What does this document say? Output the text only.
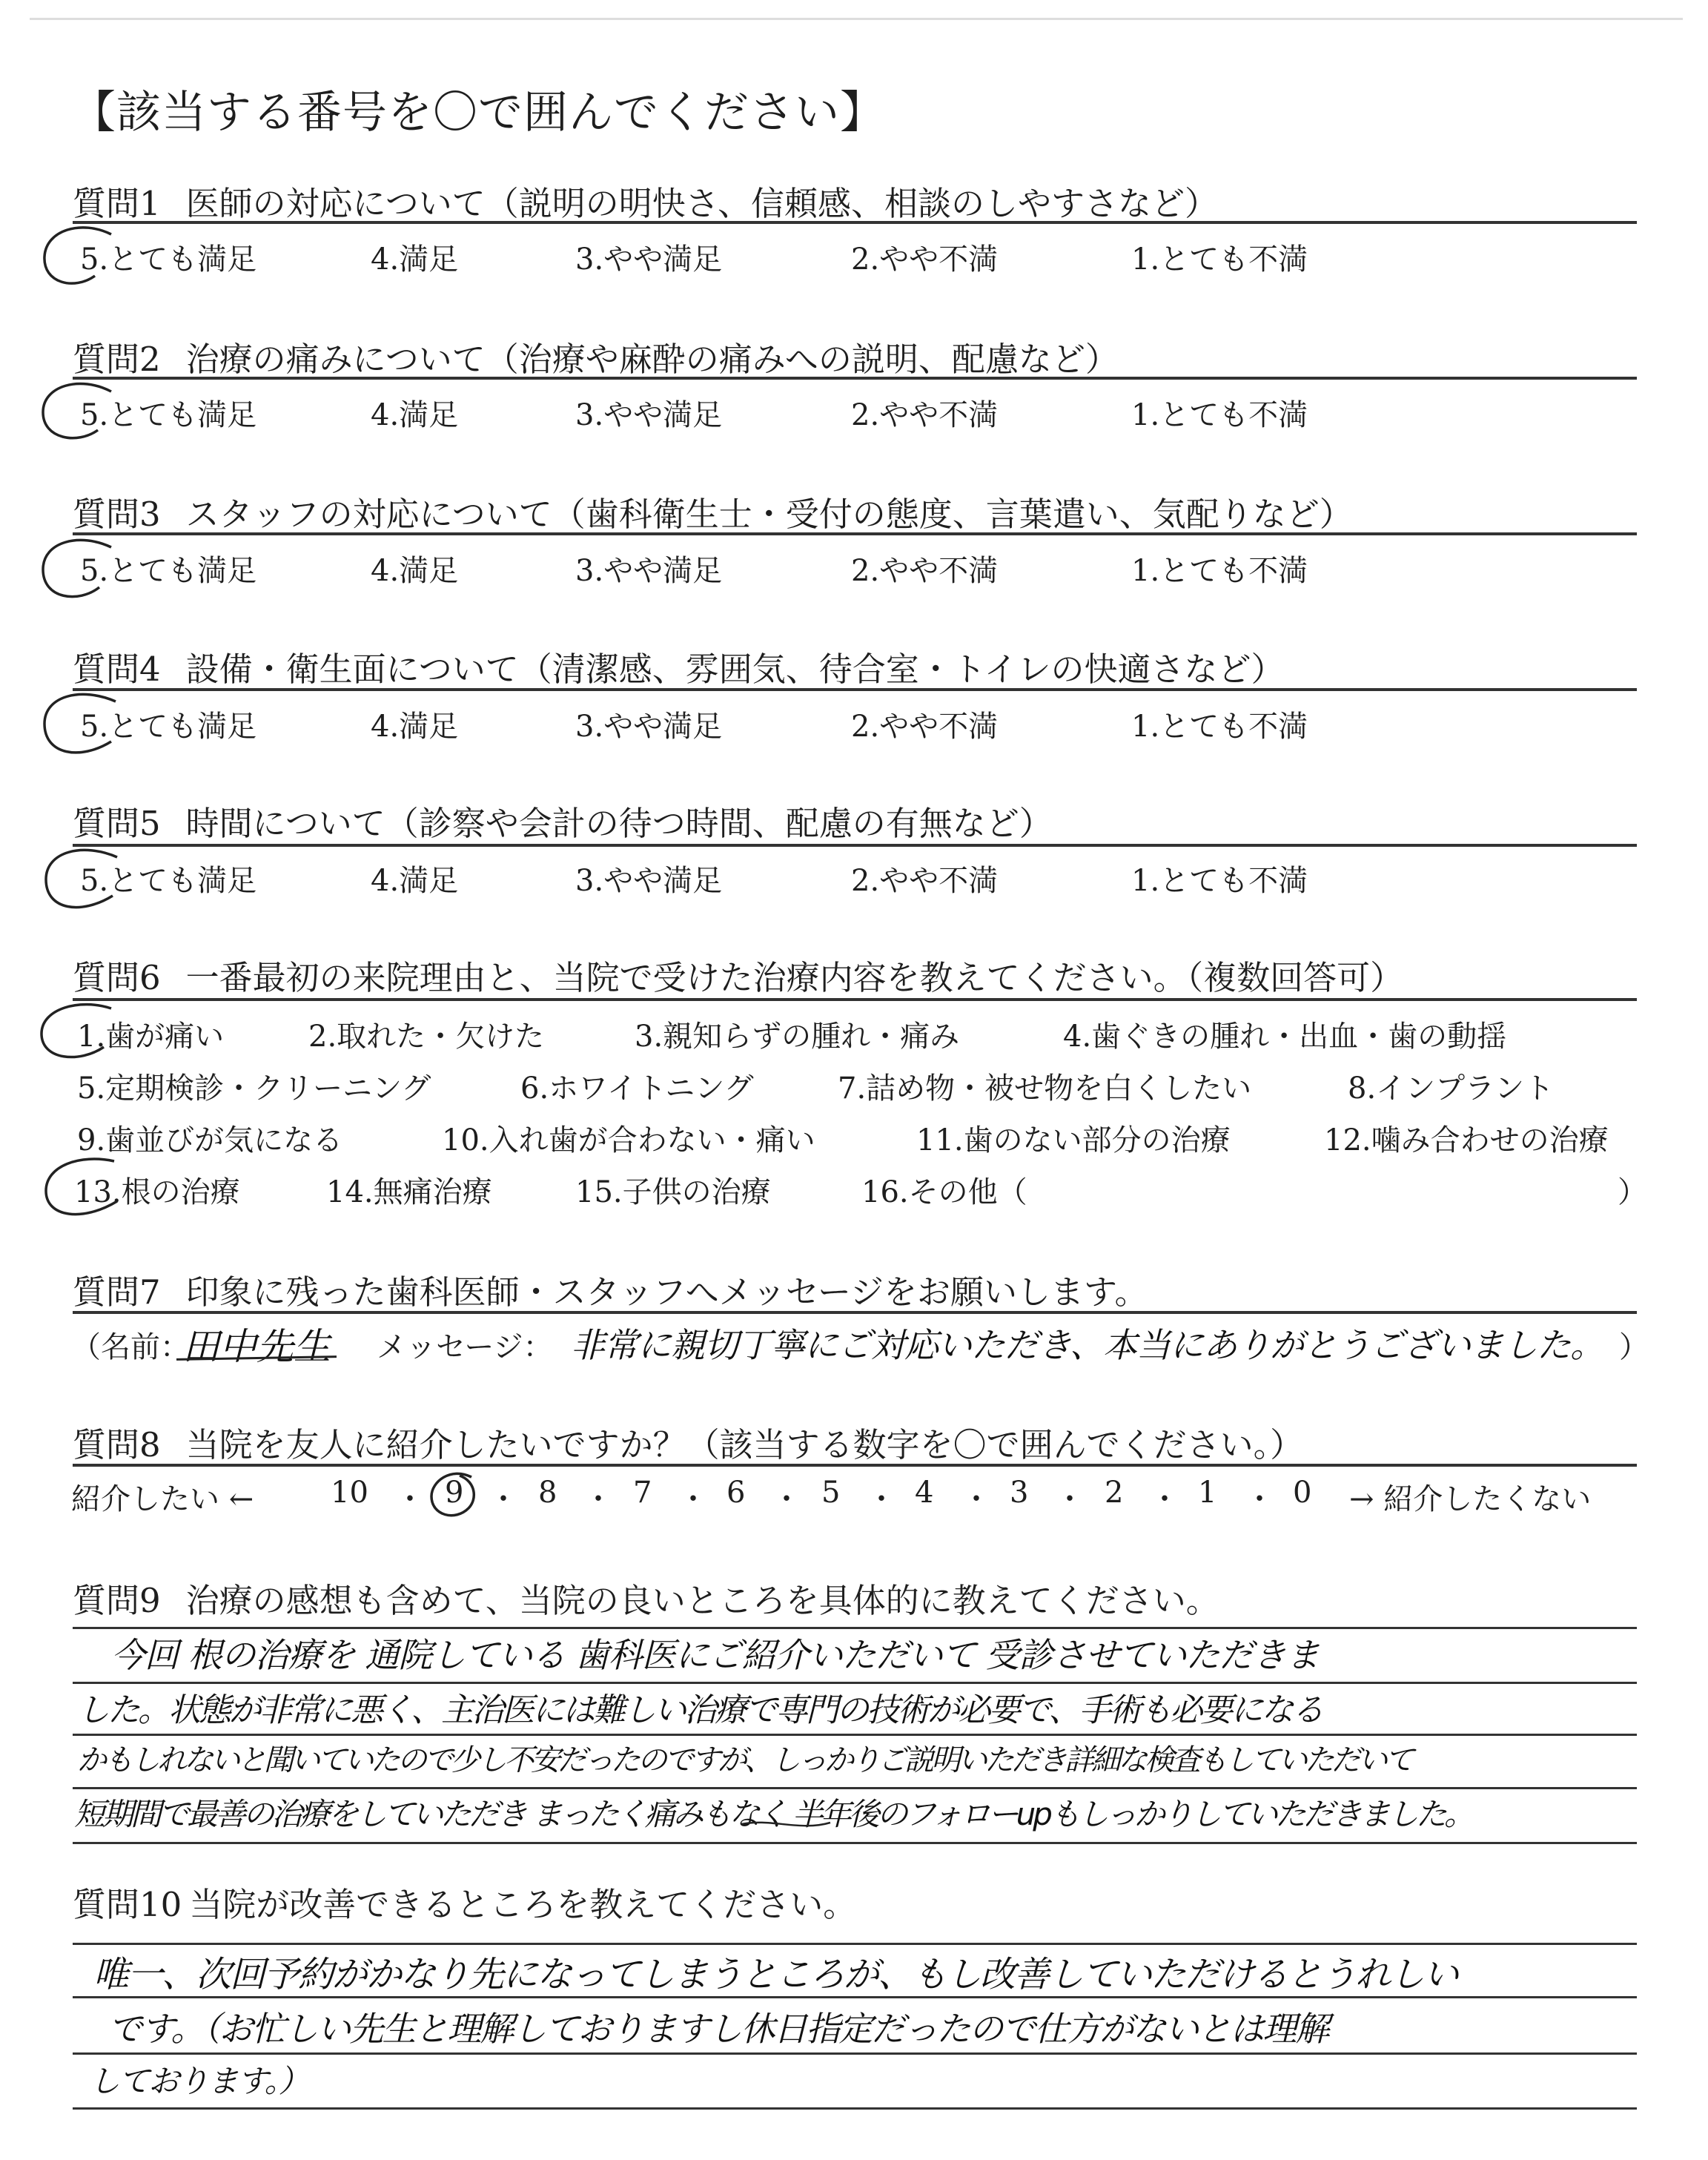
【該当する番号を〇で囲んでください】
質問1 医師の対応について（説明の明快さ、信頼感、相談のしやすさなど）
5.とても満足	4.満足	3.やや満足	2.やや不満	1.とても不満
質問2 治療の痛みについて（治療や麻酔の痛みへの説明、配慮など）
5.とても満足	4.満足	3.やや満足	2.やや不満	1.とても不満
質問3 スタッフの対応について（歯科衛生士・受付の態度、言葉遣い、気配りなど）
5.とても満足	4.満足	3.やや満足	2.やや不満	1.とても不満
質問4 設備・衛生面について（清潔感、雰囲気、待合室・トイレの快適さなど）
5.とても満足	4.満足	3.やや満足	2.やや不満	1.とても不満
質問5 時間について（診察や会計の待つ時間、配慮の有無など）
5.とても満足	4.満足	3.やや満足	2.やや不満	1.とても不満
質問6 一番最初の来院理由と、当院で受けた治療内容を教えてください。（複数回答可）
1.歯が痛い	2.取れた・欠けた	3.親知らずの腫れ・痛み	4.歯ぐきの腫れ・出血・歯の動揺
5.定期検診・クリーニング	6.ホワイトニング	7.詰め物・被せ物を白くしたい	8.インプラント
9.歯並びが気になる	10.入れ歯が合わない・痛い	11.歯のない部分の治療	12.噛み合わせの治療
13.根の治療	14.無痛治療	15.子供の治療	16.その他（	）
質問7 印象に残った歯科医師・スタッフへメッセージをお願いします。
（名前：
田中先生 メッセージ： 非常に親切丁寧にご対応いただき、本当にありがとうございました。 ）
質問8 当院を友人に紹介したいですか？（該当する数字を〇で囲んでください。）
紹介したい ←	10 ・ 9 ・ 8 ・ 7 ・ 6 ・ 5 ・ 4 ・ 3 ・ 2 ・ 1 ・ 0 → 紹介したくない
質問9 治療の感想も含めて、当院の良いところを具体的に教えてください。
今回 根の治療を 通院している 歯科医にご紹介いただいて 受診させていただきま
した。状態が非常に悪く、主治医には難しい治療で専門の技術が必要で、手術も必要になる
かもしれないと聞いていたので少し不安だったのですが、しっかりご説明いただき詳細な検査もしていただいて
短期間で最善の治療をしていただき まったく痛みもなく 半年後のフォローupもしっかりしていただきました。
質問10 当院が改善できるところを教えてください。
唯一、次回予約がかなり先になってしまうところが、もし改善していただけるとうれしい
です。（お忙しい先生と理解しておりますし休日指定だったので仕方がないとは理解
しております。）
